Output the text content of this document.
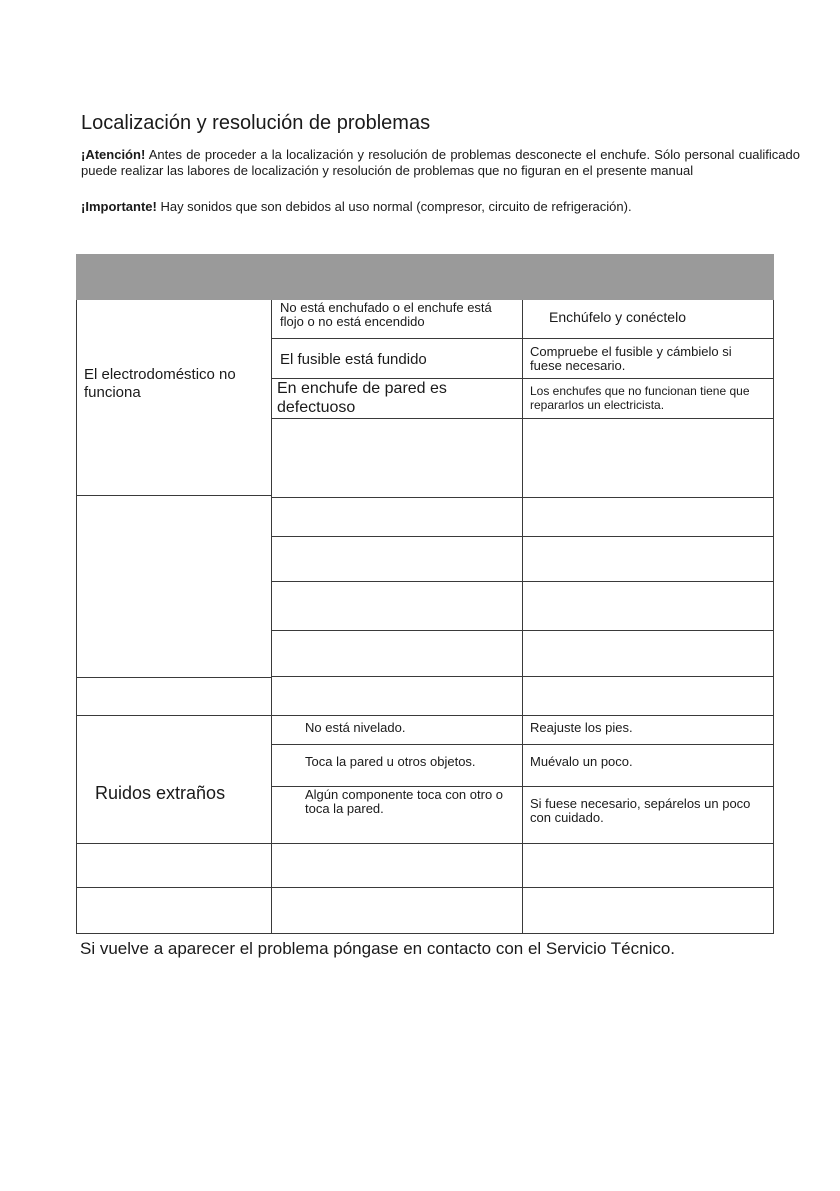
Localización y resolución de problemas

¡Atención! Antes de proceder a la localización y resolución de problemas desconecte el enchufe. Sólo personal cualificado puede realizar las labores de localización y resolución de problemas que no figuran en el presente manual

¡Importante! Hay sonidos que son debidos al uso normal (compresor, circuito de refrigeración).

El electrodoméstico no funciona
Ruidos extraños
No está enchufado o el enchufe está flojo o no está encendido
El fusible está fundido
En enchufe de pared es defectuoso
No está nivelado.
Toca la pared u otros objetos.
Algún componente toca con otro o toca la pared.
Enchúfelo y conéctelo
Compruebe el fusible y cámbielo si fuese necesario.
Los enchufes que no funcionan tiene que repararlos un electricista.
Reajuste los pies.
Muévalo un poco.
Si fuese necesario, sepárelos un poco con cuidado.

Si vuelve a aparecer el problema póngase en contacto con el Servicio Técnico.
